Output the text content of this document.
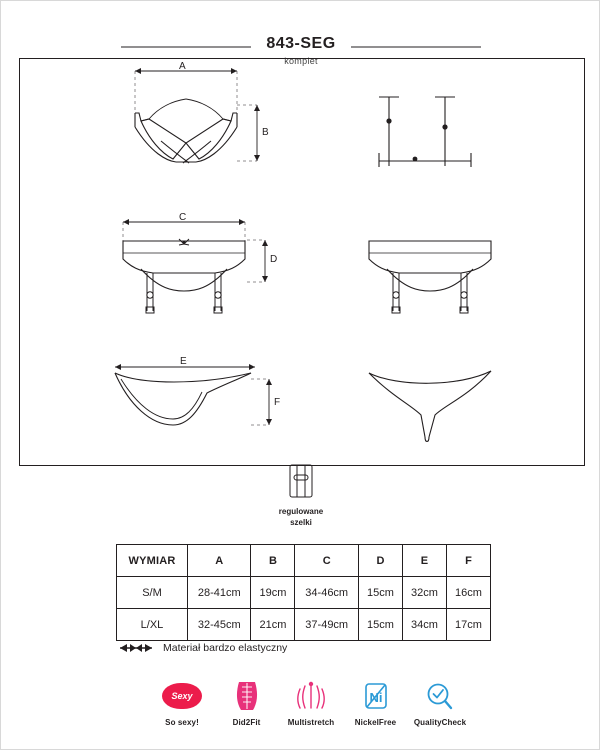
843-SEG
komplet
A
B
C
D
E
F
regulowane
szelki
WYMIAR	A	B	C	D	E	F
S/M	28-41cm	19cm	34-46cm	15cm	32cm	16cm
L/XL	32-45cm	21cm	37-49cm	15cm	34cm	17cm
Materiał bardzo elastyczny
Sexy
So sexy!	Did2Fit	Multistretch
Ni
NickelFree	QualityCheck
